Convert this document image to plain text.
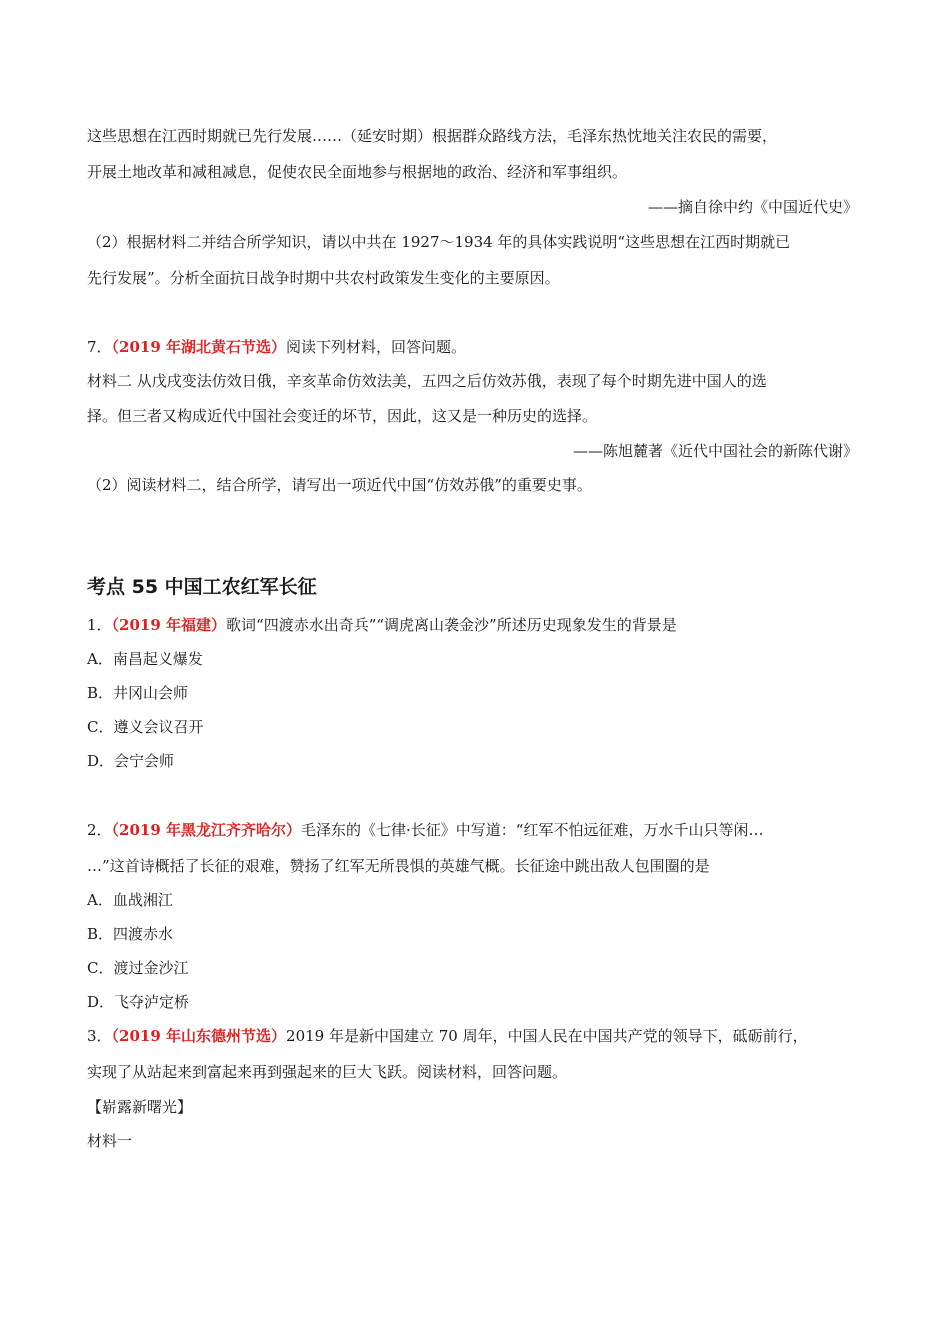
这些思想在江西时期就已先行发展……（延安时期）根据群众路线方法，毛泽东热忱地关注农民的需要，
开展土地改革和减租减息，促使农民全面地参与根据地的政治、经济和军事组织。
——摘自徐中约《中国近代史》
（2）根据材料二并结合所学知识，请以中共在 1927～1934 年的具体实践说明“这些思想在江西时期就已
先行发展”。分析全面抗日战争时期中共农村政策发生变化的主要原因。
7．（2019 年湖北黄石节选）阅读下列材料，回答问题。
材料二 从戊戌变法仿效日俄，辛亥革命仿效法美，五四之后仿效苏俄，表现了每个时期先进中国人的选
择。但三者又构成近代中国社会变迁的坏节，因此，这又是一种历史的选择。
——陈旭麓著《近代中国社会的新陈代谢》
（2）阅读材料二，结合所学，请写出一项近代中国“仿效苏俄”的重要史事。
考点 55 中国工农红军长征
1．（2019 年福建）歌词“四渡赤水出奇兵”“调虎离山袭金沙”所述历史现象发生的背景是
A．南昌起义爆发
B．井冈山会师
C．遵义会议召开
D．会宁会师
2．（2019 年黑龙江齐齐哈尔）毛泽东的《七律·长征》中写道：“红军不怕远征难，万水千山只等闲…
…”这首诗概括了长征的艰难，赞扬了红军无所畏惧的英雄气概。长征途中跳出敌人包围圈的是
A．血战湘江
B．四渡赤水
C．渡过金沙江
D．飞夺泸定桥
3．（2019 年山东德州节选）2019 年是新中国建立 70 周年，中国人民在中国共产党的领导下，砥砺前行，
实现了从站起来到富起来再到强起来的巨大飞跃。阅读材料，回答问题。
【崭露新曙光】
材料一
